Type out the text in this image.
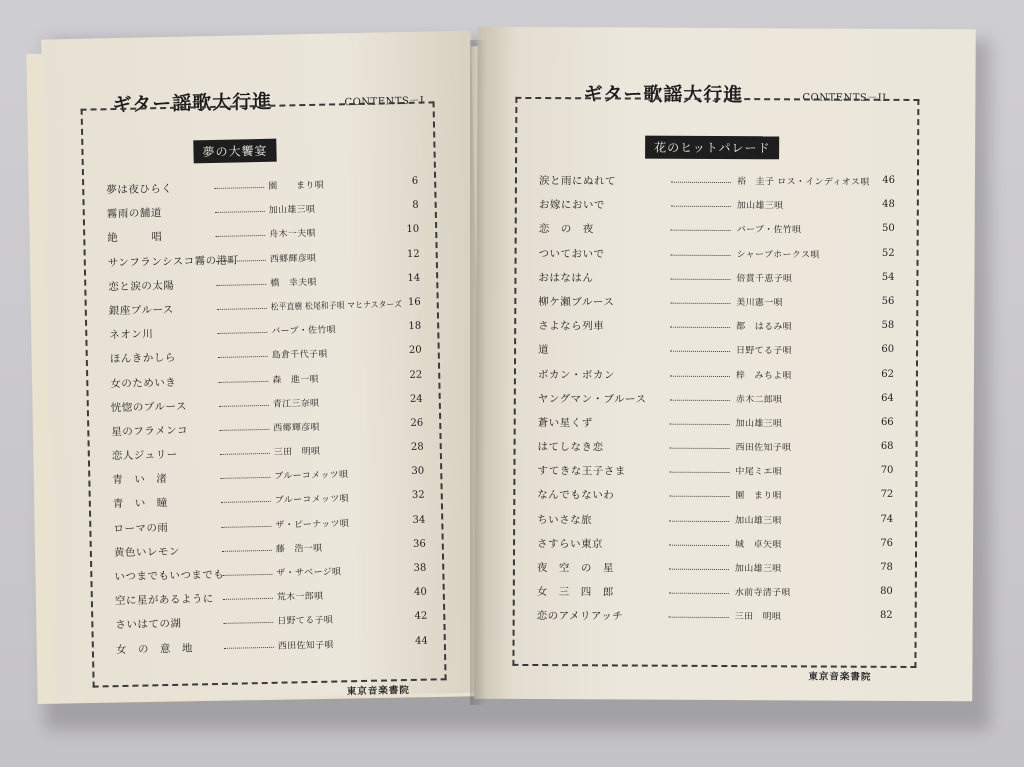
ギター謡歌大行進	CONTENTS－I
夢の大饗宴
夢は夜ひらく	園　　まり唄	6
霧雨の舗道	加山雄三唄	8
絶　　　唱	舟木一夫唄	10
サンフランシスコ霧の港町	西郷輝彦唄	12
恋と涙の太陽	橋　幸夫唄	14
銀座ブルース	松平直樹 松尾和子唄 マヒナスターズ 16
ネオン川	バーブ・佐竹唄	18
ほんきかしら	島倉千代子唄	20
女のためいき	森　進一唄	22
恍惚のブルース	青江三奈唄	24
星のフラメンコ	西郷輝彦唄	26
恋人ジュリー	三田　明唄	28
青　い　渚	ブルーコメッツ唄	30
青　い　瞳	ブルーコメッツ唄	32
ローマの雨	ザ・ピーナッツ唄	34
黄色いレモン	藤　浩一唄	36
いつまでもいつまでも	ザ・サベージ唄	38
空に星があるように	荒木一郎唄	40
さいはての湖	日野てる子唄	42
女　の　意　地	西田佐知子唄	44
東京音楽書院
ギター歌謡大行進	CONTENTS－II
花のヒットパレード
涙と雨にぬれて	裕　圭子 ロス・インディオス唄 46
お嫁においで	加山雄三唄	48
恋　の　夜	バーブ・佐竹唄	50
ついておいで	シャープホークス唄	52
おはなはん	倍賞千恵子唄	54
柳ケ瀬ブルース	美川憲一唄	56
さよなら列車	都　はるみ唄	58
道	日野てる子唄	60
ボカン・ボカン	梓　みちよ唄	62
ヤングマン・ブルース	赤木二郎唄	64
蒼い星くず	加山雄三唄	66
はてしなき恋	西田佐知子唄	68
すてきな王子さま	中尾ミエ唄	70
なんでもないわ	園　まり唄	72
ちいさな旅	加山雄三唄	74
さすらい東京	城　卓矢唄	76
夜　空　の　星	加山雄三唄	78
女　三　四　郎	水前寺清子唄	80
恋のアメリアッチ	三田　明唄	82
東京音楽書院
